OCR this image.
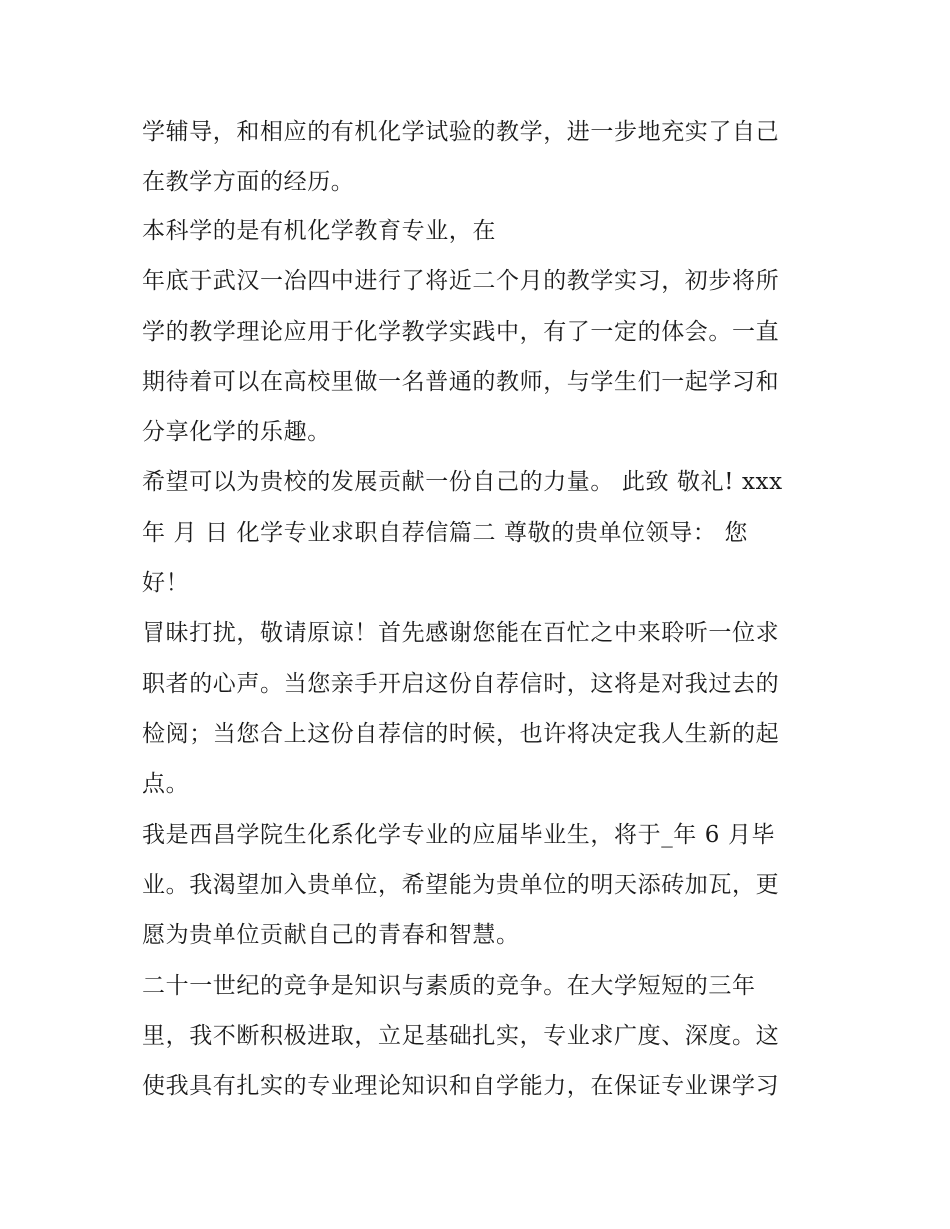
学辅导，和相应的有机化学试验的教学，进一步地充实了自己
在教学方面的经历。
本科学的是有机化学教育专业，在
年底于武汉一冶四中进行了将近二个月的教学实习，初步将所
学的教学理论应用于化学教学实践中，有了一定的体会。一直
期待着可以在高校里做一名普通的教师，与学生们一起学习和
分享化学的乐趣。
希望可以为贵校的发展贡献一份自己的力量。 此致 敬礼! xxx
年 月 日 化学专业求职自荐信篇二 尊敬的贵单位领导： 您
好！
冒昧打扰，敬请原谅！首先感谢您能在百忙之中来聆听一位求
职者的心声。当您亲手开启这份自荐信时，这将是对我过去的
检阅；当您合上这份自荐信的时候，也许将决定我人生新的起
点。
我是西昌学院生化系化学专业的应届毕业生，将于_年 6 月毕
业。我渴望加入贵单位，希望能为贵单位的明天添砖加瓦，更
愿为贵单位贡献自己的青春和智慧。
二十一世纪的竞争是知识与素质的竞争。在大学短短的三年
里，我不断积极进取，立足基础扎实，专业求广度、深度。这
使我具有扎实的专业理论知识和自学能力，在保证专业课学习
